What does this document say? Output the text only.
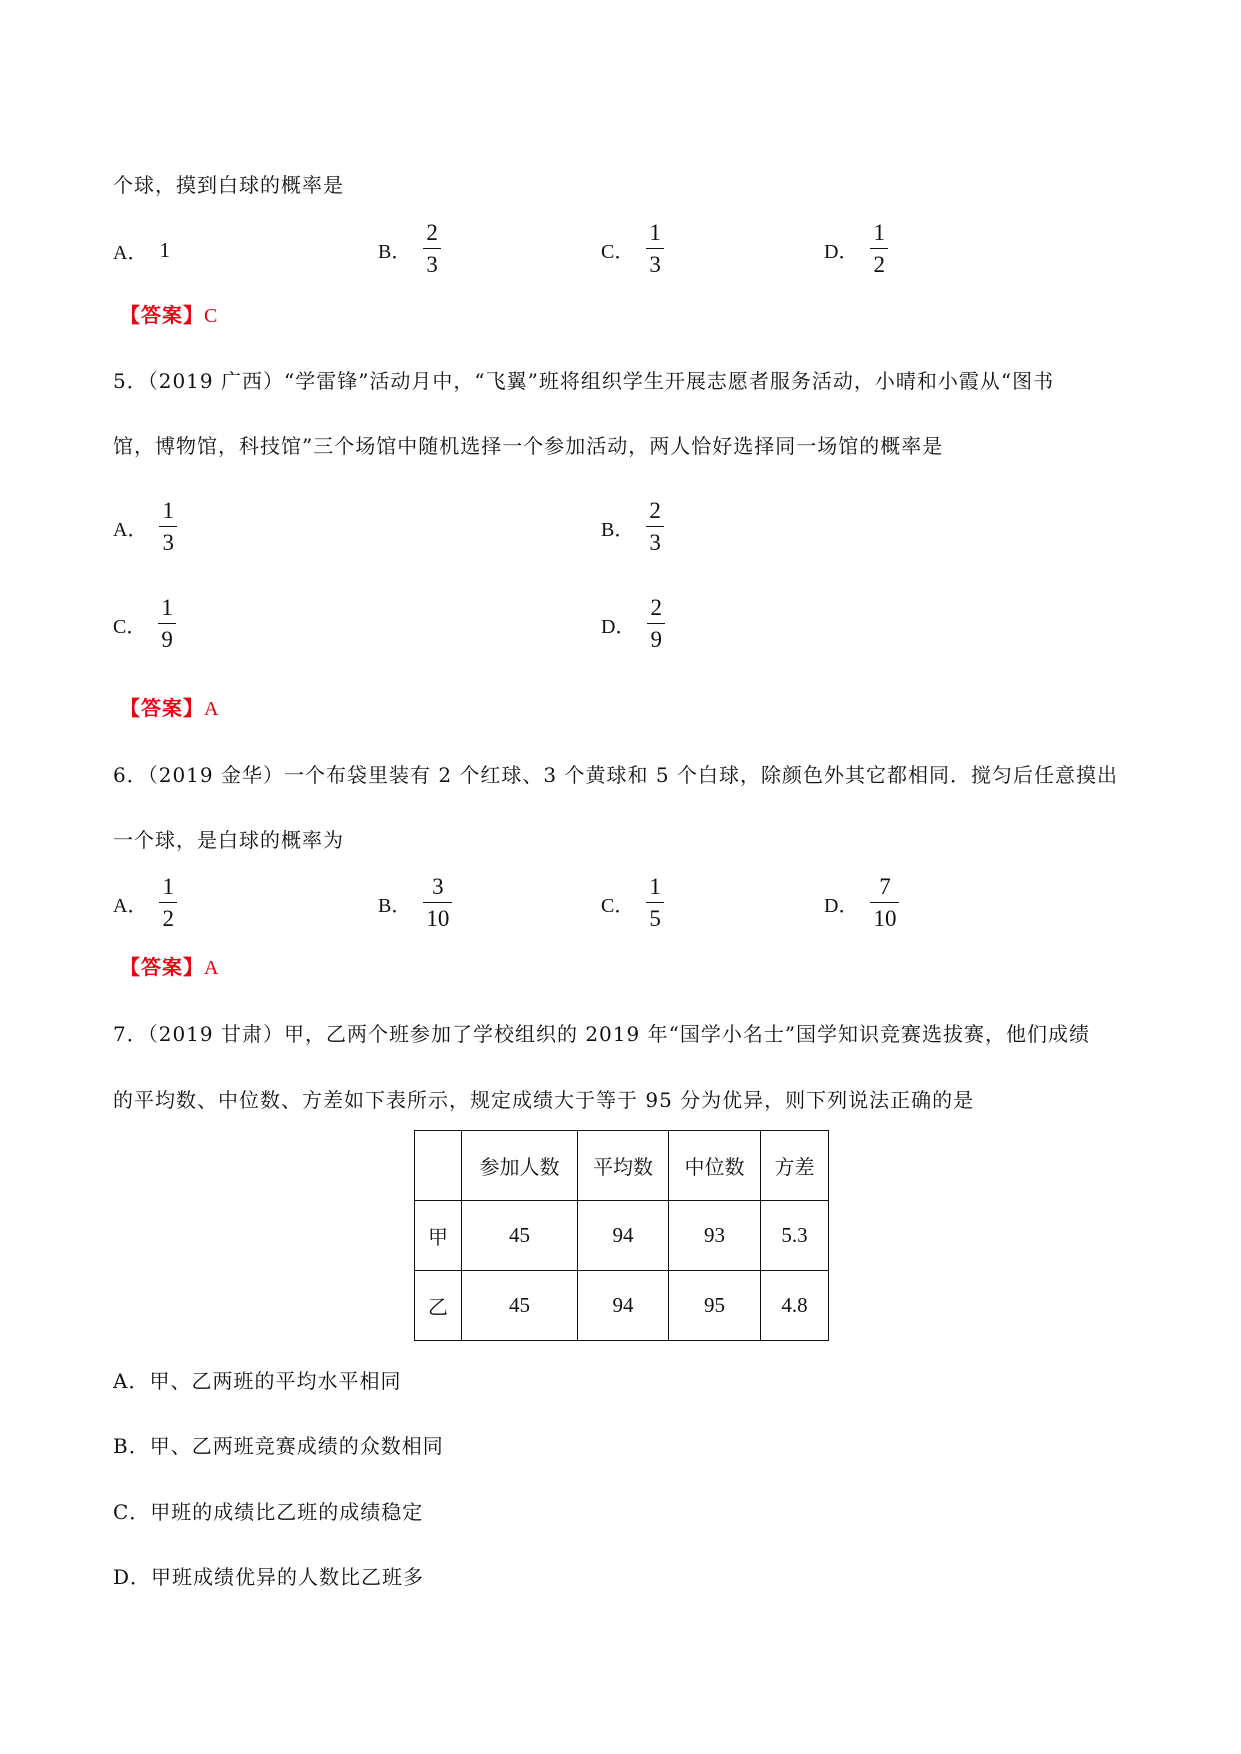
个球，摸到白球的概率是
A． 1	B． $\frac{2}{3}$	C． $\frac{1}{3}$	D． $\frac{1}{2}$
【答案】C
5．（2019 广西）“学雷锋”活动月中，“飞翼”班将组织学生开展志愿者服务活动，小晴和小霞从“图书
馆，博物馆，科技馆”三个场馆中随机选择一个参加活动，两人恰好选择同一场馆的概率是
A． $\frac{1}{3}$	B． $\frac{2}{3}$
C． $\frac{1}{9}$	D． $\frac{2}{9}$
【答案】A
6．（2019 金华）一个布袋里装有 2 个红球、3 个黄球和 5 个白球，除颜色外其它都相同．搅匀后任意摸出
一个球，是白球的概率为
A． $\frac{1}{2}$	B． $\frac{3}{10}$	C． $\frac{1}{5}$	D． $\frac{7}{10}$
【答案】A
7．（2019 甘肃）甲，乙两个班参加了学校组织的 2019 年“国学小名士”国学知识竞赛选拔赛，他们成绩
的平均数、中位数、方差如下表所示，规定成绩大于等于 95 分为优异，则下列说法正确的是
	参加人数	平均数	中位数	方差
甲	45	94	93	5.3
乙	45	94	95	4.8
A．甲、乙两班的平均水平相同
B．甲、乙两班竞赛成绩的众数相同
C．甲班的成绩比乙班的成绩稳定
D．甲班成绩优异的人数比乙班多
